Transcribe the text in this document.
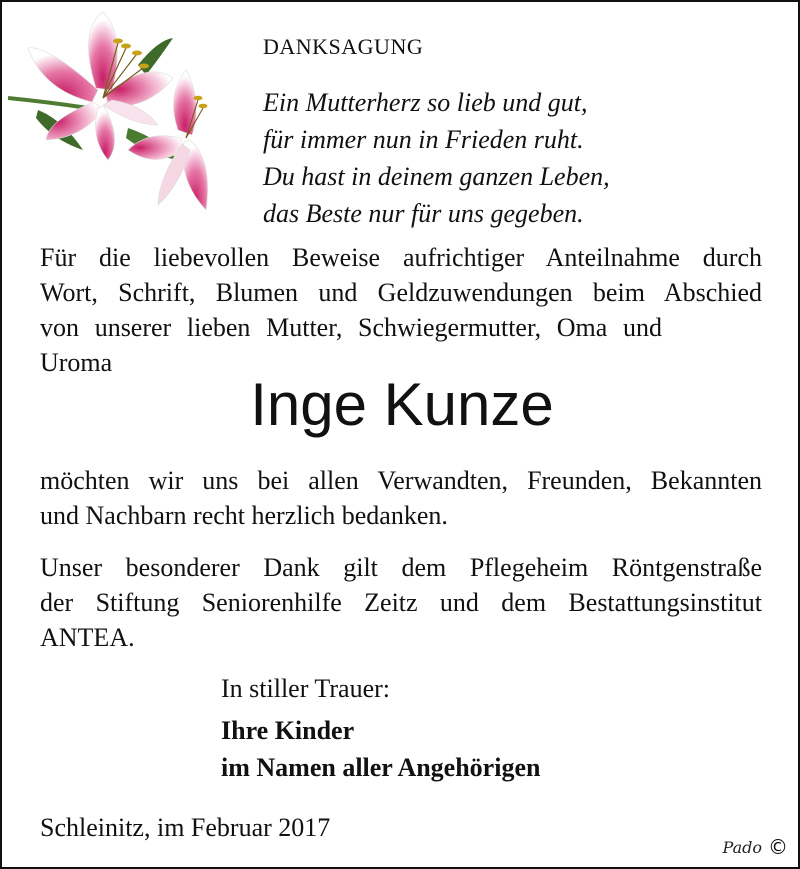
DANKSAGUNG
Ein Mutterherz so lieb und gut,
für immer nun in Frieden ruht.
Du hast in deinem ganzen Leben,
das Beste nur für uns gegeben.
Für die liebevollen Beweise aufrichtiger Anteilnahme durch
Wort, Schrift, Blumen und Geldzuwendungen beim Abschied
von unserer lieben Mutter, Schwiegermutter, Oma und
Uroma
Inge Kunze
möchten wir uns bei allen Verwandten, Freunden, Bekannten
und Nachbarn recht herzlich bedanken.
Unser besonderer Dank gilt dem Pflegeheim Röntgenstraße
der Stiftung Seniorenhilfe Zeitz und dem Bestattungsinstitut
ANTEA.
In stiller Trauer:
Ihre Kinder
im Namen aller Angehörigen
Schleinitz, im Februar 2017
Pado ©
